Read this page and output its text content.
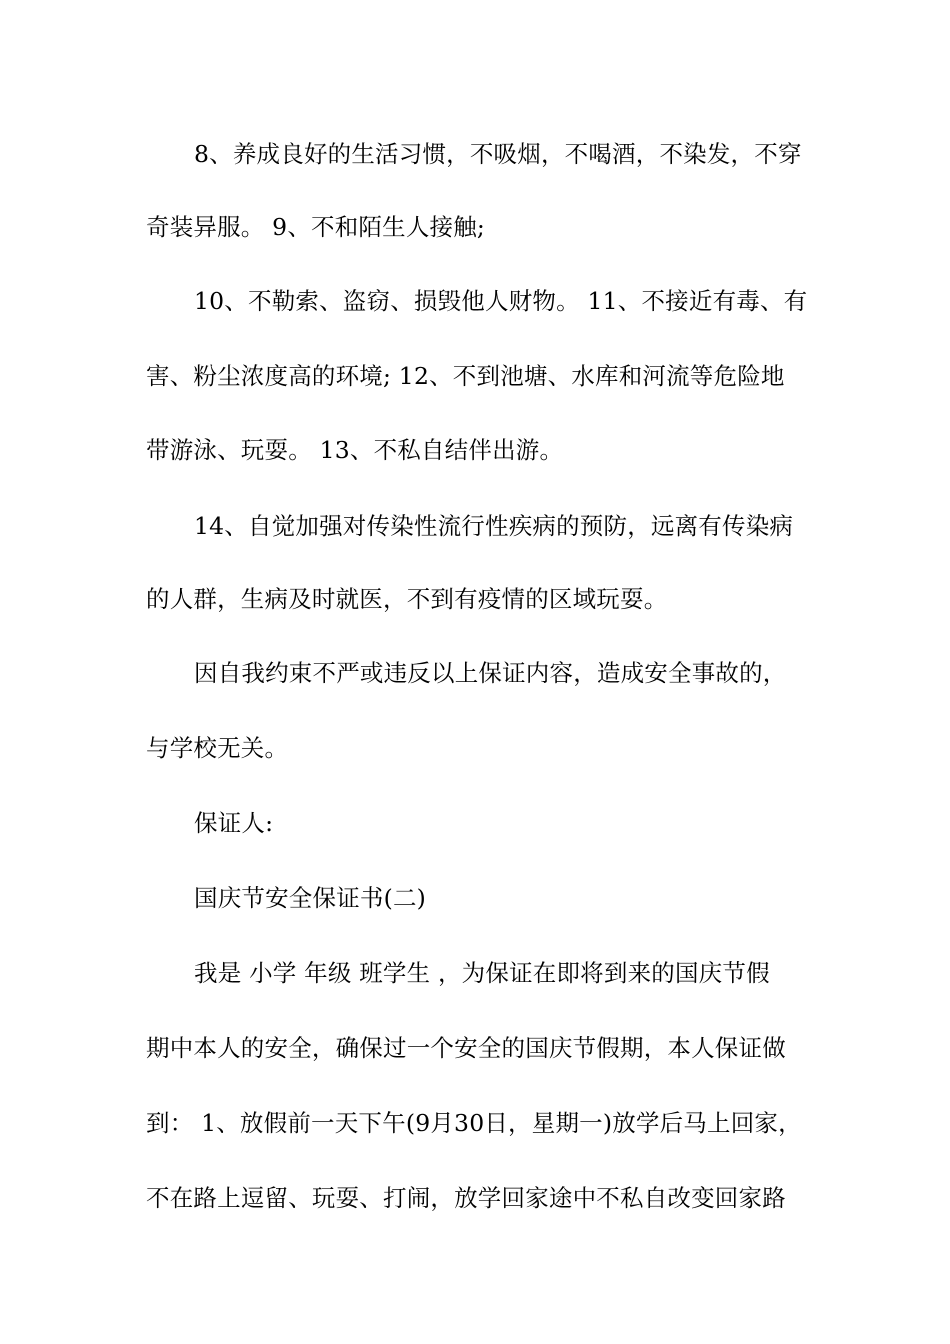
8、养成良好的生活习惯，不吸烟，不喝酒，不染发，不穿
奇装异服。 9、不和陌生人接触;
10、不勒索、盗窃、损毁他人财物。 11、不接近有毒、有
害、粉尘浓度高的环境; 12、不到池塘、水库和河流等危险地
带游泳、玩耍。 13、不私自结伴出游。
14、自觉加强对传染性流行性疾病的预防，远离有传染病
的人群，生病及时就医，不到有疫情的区域玩耍。
因自我约束不严或违反以上保证内容，造成安全事故的，
与学校无关。
保证人:
国庆节安全保证书(二)
我是 小学 年级 班学生 ，为保证在即将到来的国庆节假
期中本人的安全，确保过一个安全的国庆节假期，本人保证做
到： 1、放假前一天下午(9月30日，星期一)放学后马上回家，
不在路上逗留、玩耍、打闹，放学回家途中不私自改变回家路
